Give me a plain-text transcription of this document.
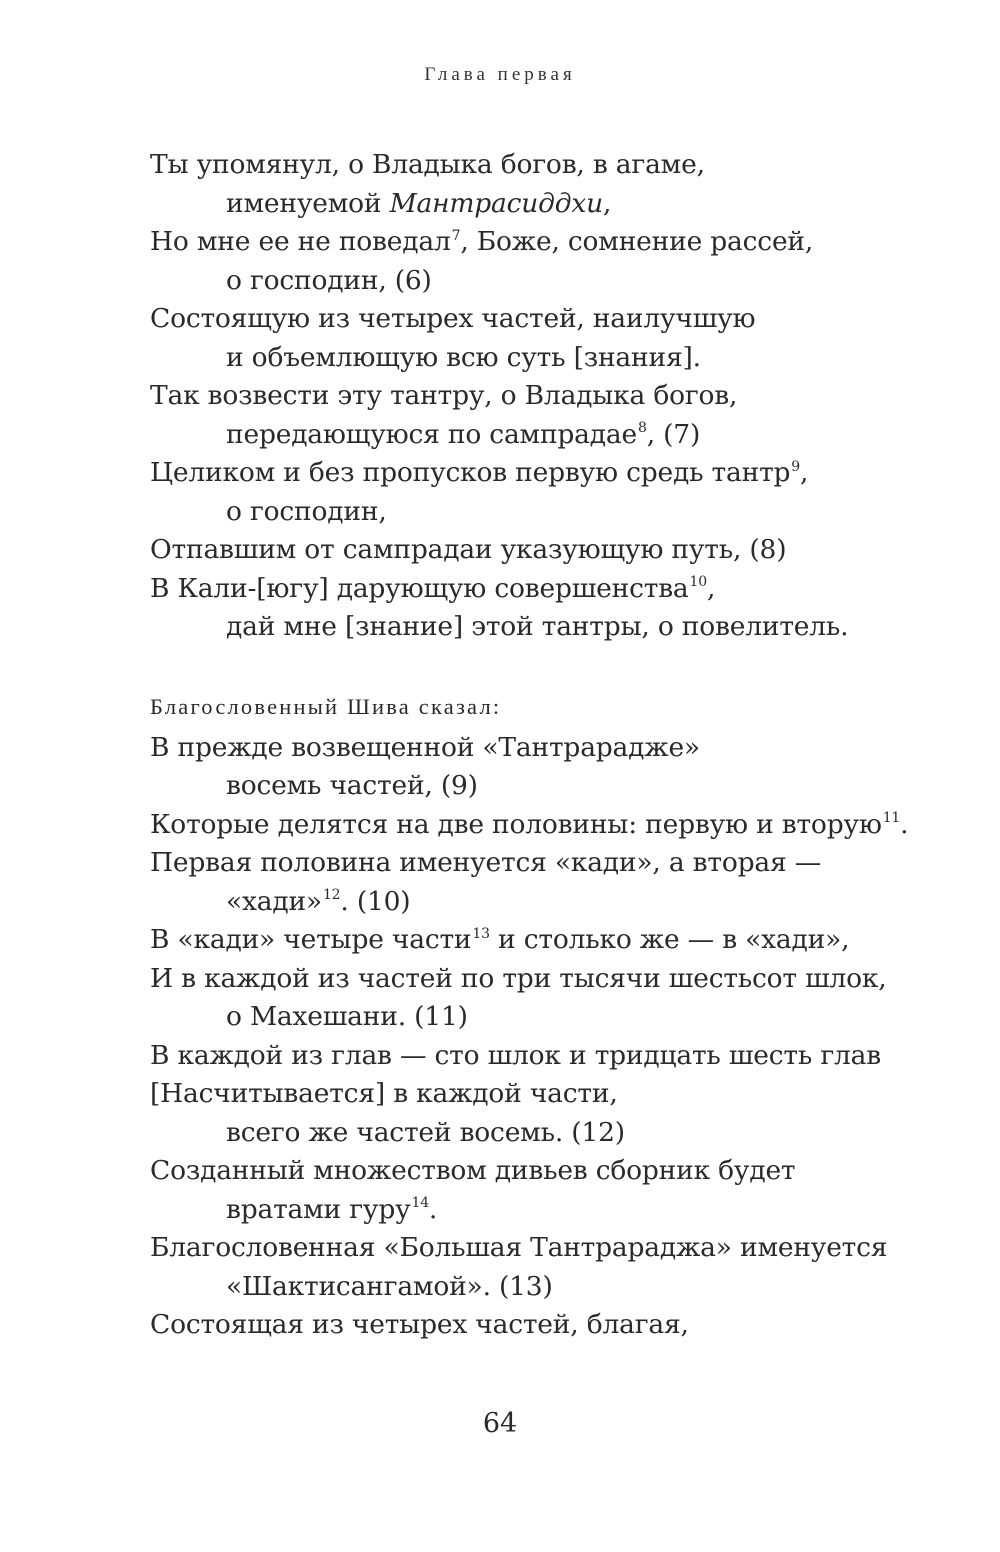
Глава первая
Ты упомянул, о Владыка богов, в агаме,
именуемой Мантрасиддхи,
Но мне ее не поведал$^7$, Боже, сомнение рассей,
о господин, (6)
Состоящую из четырех частей, наилучшую
и объемлющую всю суть [знания].
Так возвести эту тантру, о Владыка богов,
передающуюся по сампрадае$^8$, (7)
Целиком и без пропусков первую средь тантр$^9$,
о господин,
Отпавшим от сампрадаи указующую путь, (8)
В Кали-[югу] дарующую совершенства$^{10}$,
дай мне [знание] этой тантры, о повелитель.
Благословенный Шива сказал:
В прежде возвещенной «Тантрарадже»
восемь частей, (9)
Которые делятся на две половины: первую и вторую$^{11}$.
Первая половина именуется «кади», а вторая —
«хади»$^{12}$. (10)
В «кади» четыре части$^{13}$ и столько же — в «хади»,
И в каждой из частей по три тысячи шестьсот шлок,
о Махешани. (11)
В каждой из глав — сто шлок и тридцать шесть глав
[Насчитывается] в каждой части,
всего же частей восемь. (12)
Созданный множеством дивьев сборник будет
вратами гуру$^{14}$.
Благословенная «Большая Тантрараджа» именуется
«Шактисангамой». (13)
Состоящая из четырех частей, благая,
64
